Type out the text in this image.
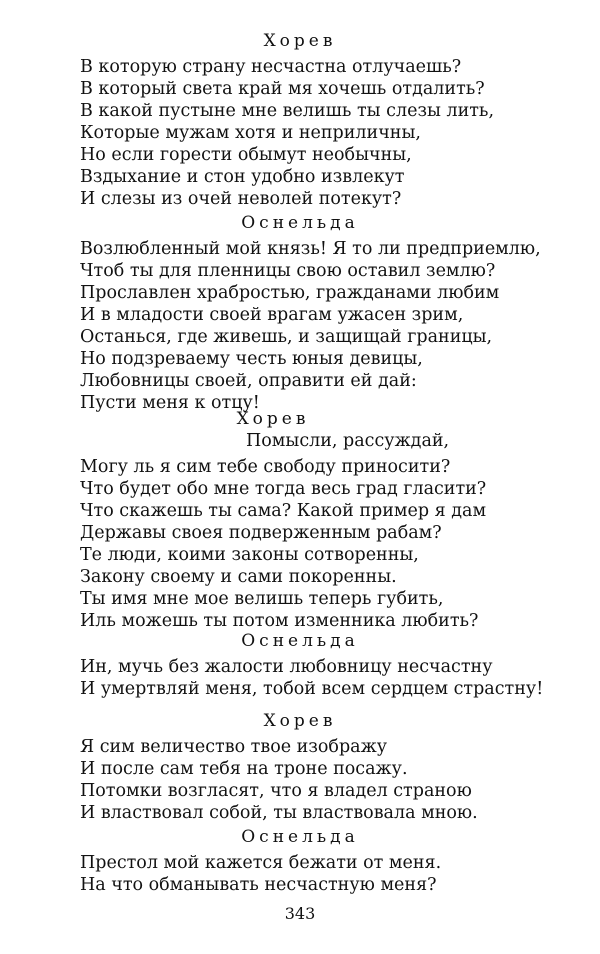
Хорев
В которую страну несчастна отлучаешь?
В который света край мя хочешь отдалить?
В какой пустыне мне велишь ты слезы лить,
Которые мужам хотя и неприличны,
Но если горести обымут необычны,
Вздыхание и стон удобно извлекут
И слезы из очей неволей потекут?
Оснельда
Возлюбленный мой князь! Я то ли предприемлю,
Чтоб ты для пленницы свою оставил землю?
Прославлен храбростью, гражданами любим
И в младости своей врагам ужасен зрим,
Останься, где живешь, и защищай границы,
Но подзреваему честь юныя девицы,
Любовницы своей, оправити ей дай:
Пусти меня к отцу!
Хорев
Помысли, рассуждай,
Могу ль я сим тебе свободу приносити?
Что будет обо мне тогда весь град гласити?
Что скажешь ты сама? Какой пример я дам
Державы своея подверженным рабам?
Те люди, коими законы сотворенны,
Закону своему и сами покоренны.
Ты имя мне мое велишь теперь губить,
Иль можешь ты потом изменника любить?
Оснельда
Ин, мучь без жалости любовницу несчастну
И умертвляй меня, тобой всем сердцем страстну!
Хорев
Я сим величество твое изображу
И после сам тебя на троне посажу.
Потомки возгласят, что я владел страною
И властвовал собой, ты властвовала мною.
Оснельда
Престол мой кажется бежати от меня.
На что обманывать несчастную меня?
343
